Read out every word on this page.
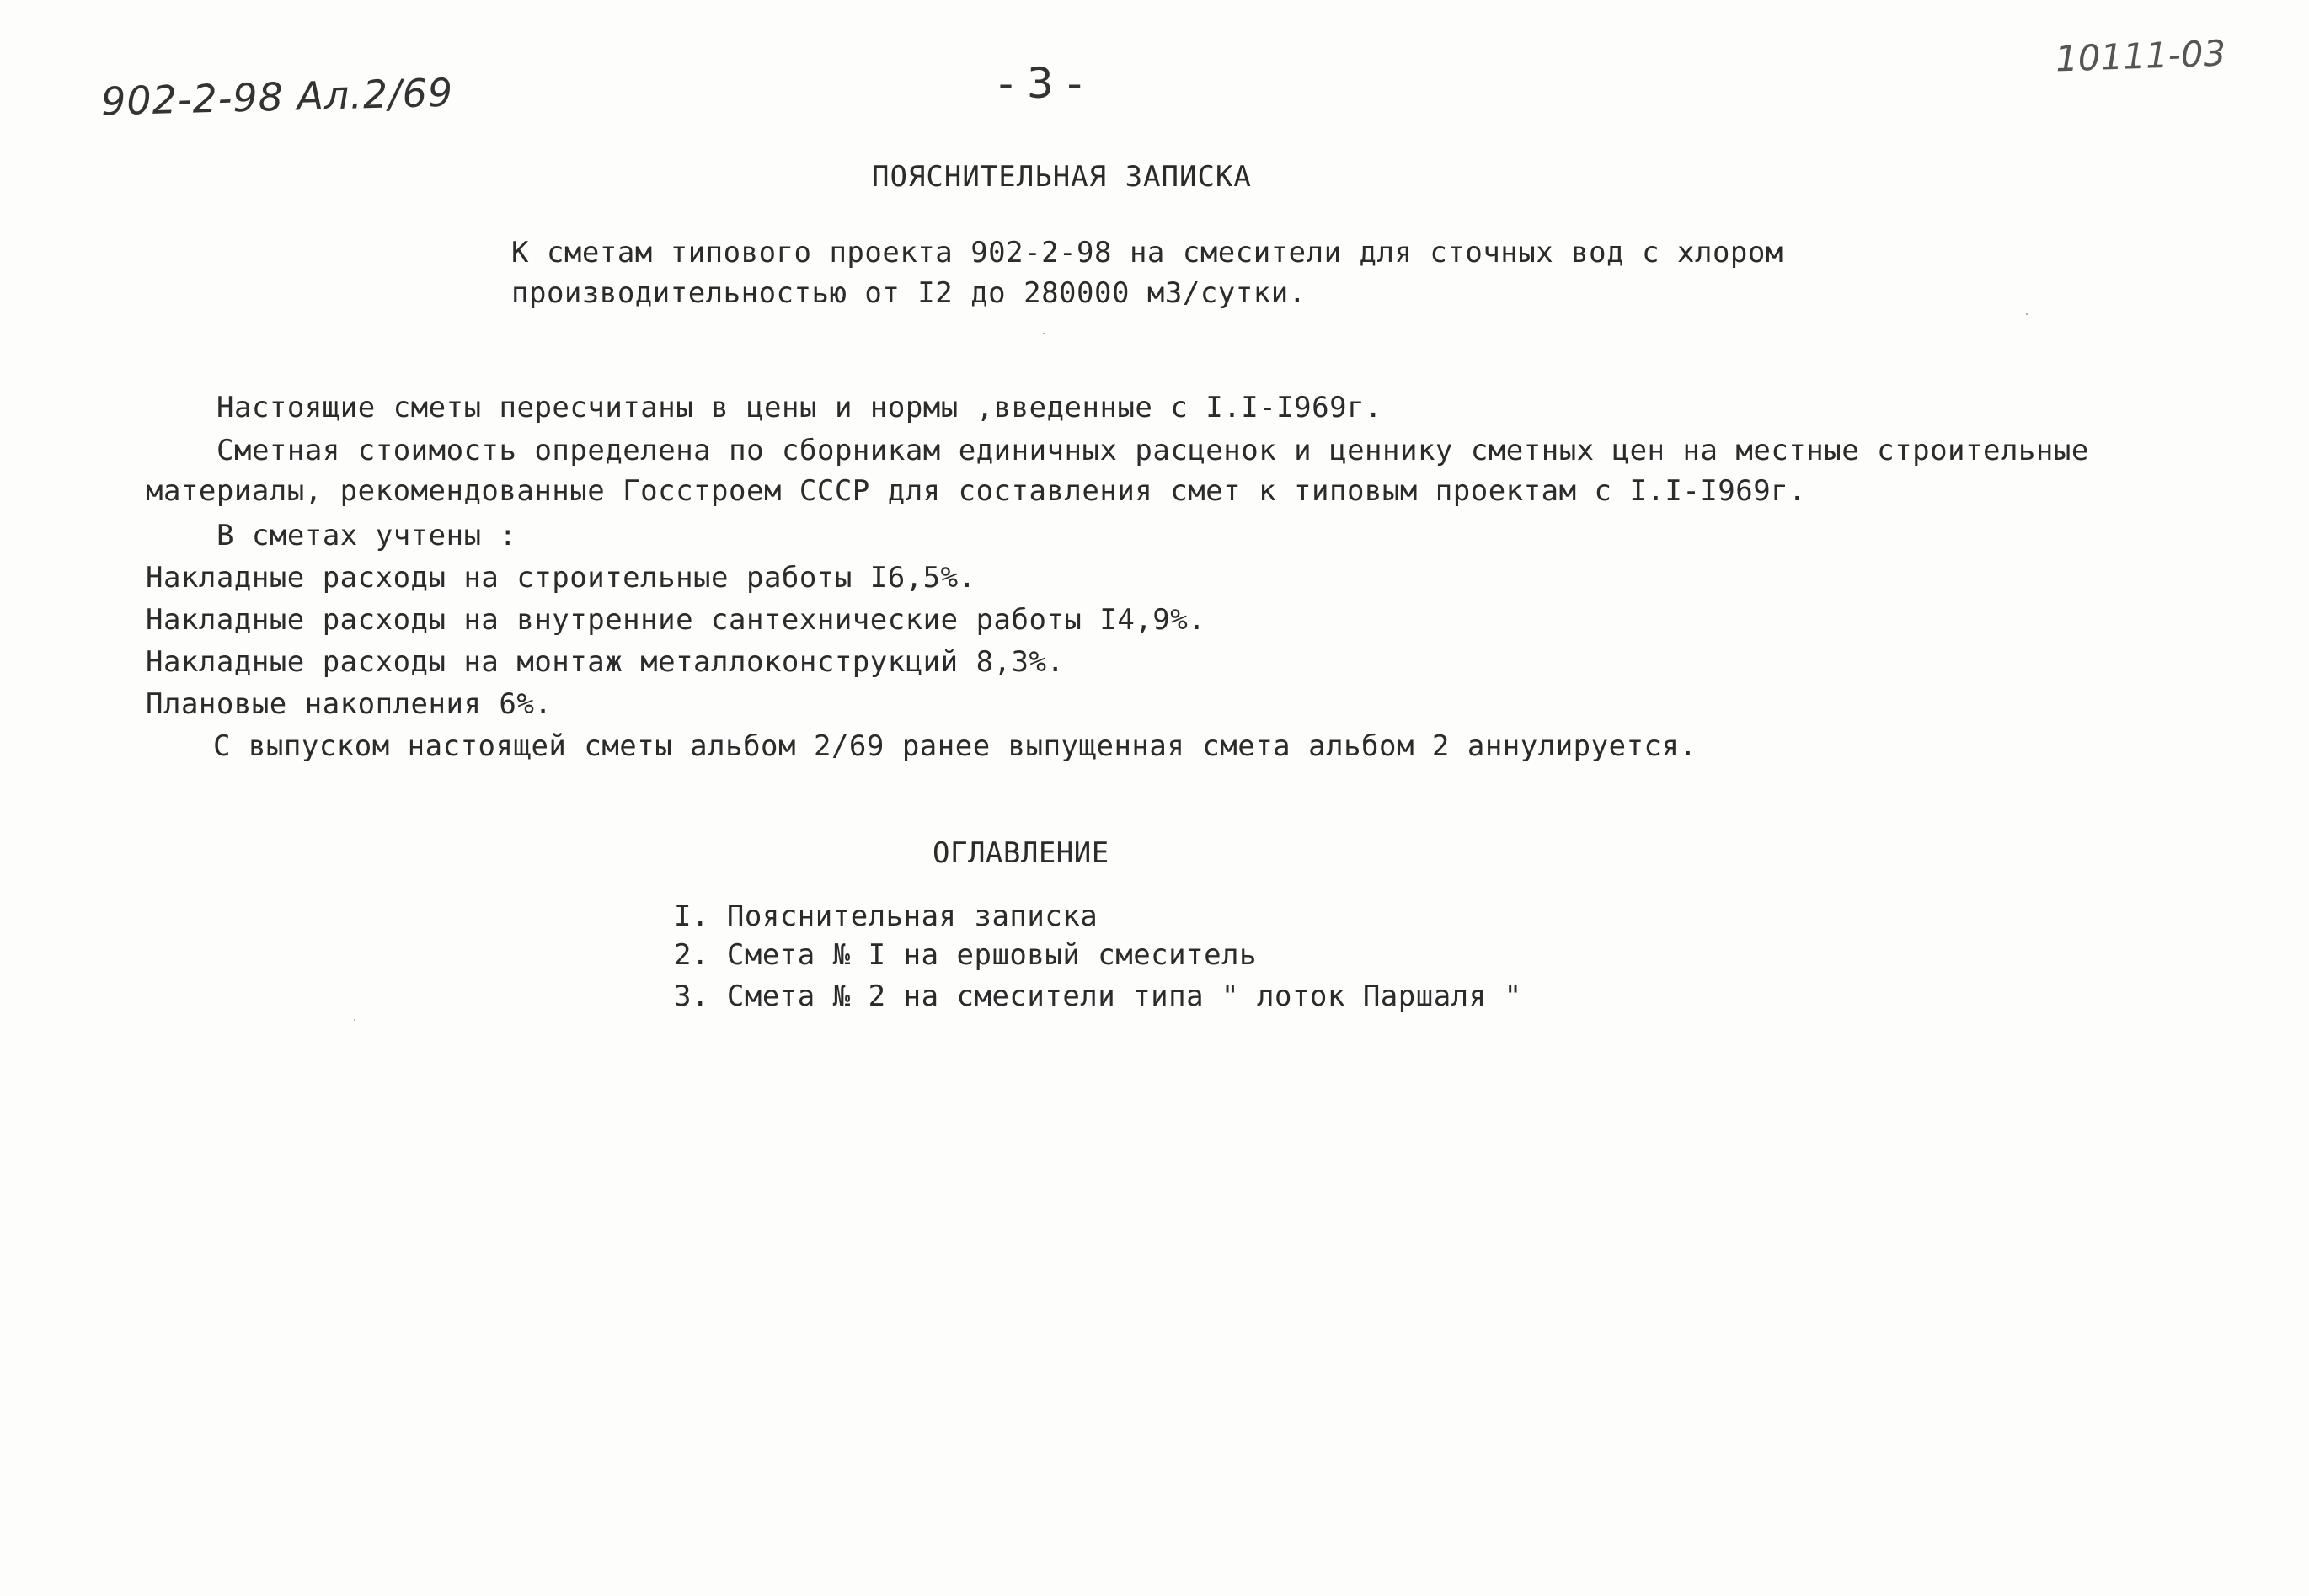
902-2-98 Ал.2/69	- 3 -
10111-03
ПОЯСНИТЕЛЬНАЯ ЗАПИСКА
К сметам типового проекта 902-2-98 на смесители для сточных вод с хлором
производительностью от I2 до 280000 м3/сутки.
Настоящие сметы пересчитаны в цены и нормы ,введенные с I.I-I969г.
Сметная стоимость определена по сборникам единичных расценок и ценнику сметных цен на местные строительные
материалы, рекомендованные Госстроем СССР для составления смет к типовым проектам с I.I-I969г.
В сметах учтены :
Накладные расходы на строительные работы I6,5%.
Накладные расходы на внутренние сантехнические работы I4,9%.
Накладные расходы на монтаж металлоконструкций 8,3%.
Плановые накопления 6%.
С выпуском настоящей сметы альбом 2/69 ранее выпущенная смета альбом 2 аннулируется.
ОГЛАВЛЕНИЕ
I. Пояснительная записка
2. Смета № I на ершовый смеситель
3. Смета № 2 на смесители типа " лоток Паршаля "
